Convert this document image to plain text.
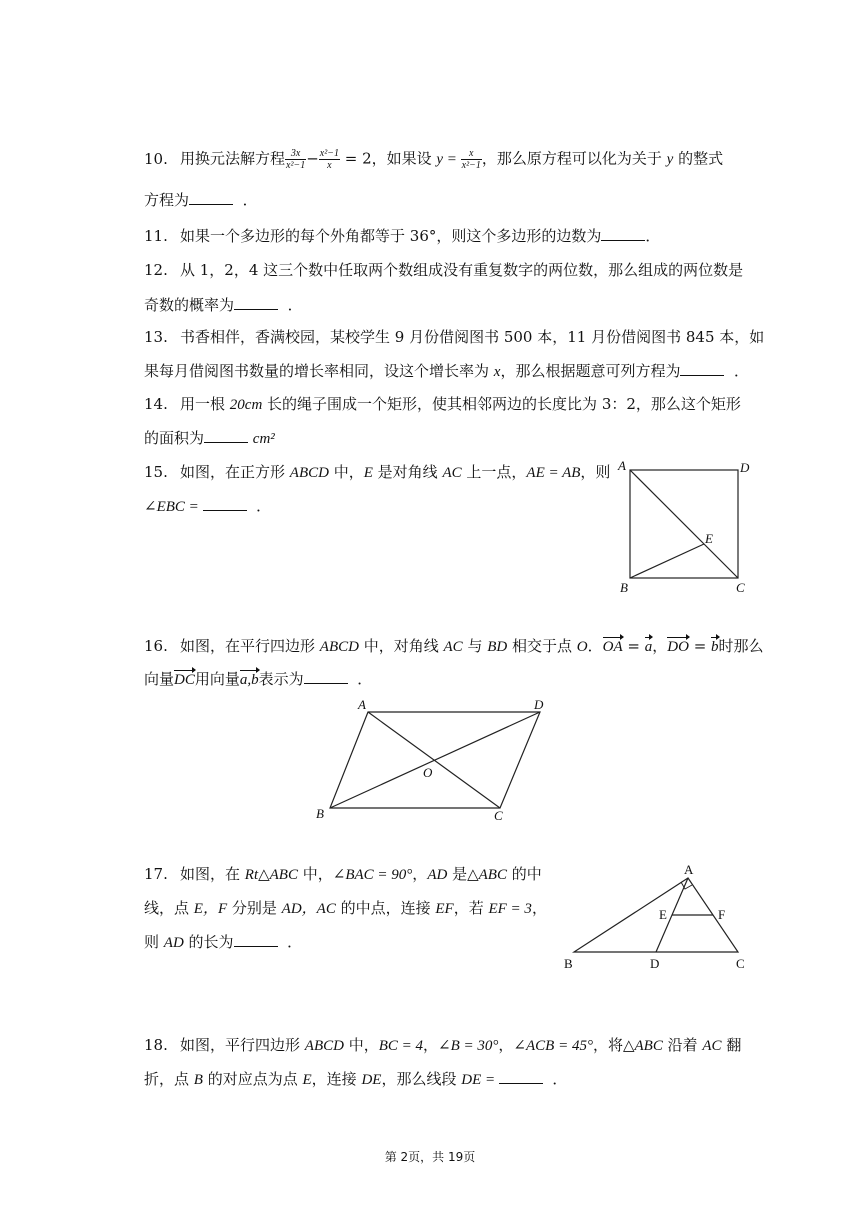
10. 用换元法解方程 $\frac{3x}{\text{x²−1}} - \frac{\text{x²−1}}{x} = 2$，如果设 $y = \frac{x}{\text{x²−1}}$ ，那么原方程可以化为关于 y 的整式
方程为	．
11. 如果一个多边形的每个外角都等于 36°，则这个多边形的边数为	．
12. 从 1，2，4 这三个数中任取两个数组成没有重复数字的两位数，那么组成的两位数是
奇数的概率为	．
13. 书香相伴，香满校园，某校学生 9 月份借阅图书 500 本，11 月份借阅图书 845 本，如
果每月借阅图书数量的增长率相同，设这个增长率为 x，那么根据题意可列方程为	．
14. 用一根 20cm 长的绳子围成一个矩形，使其相邻两边的长度比为 3：2，那么这个矩形
的面积为	cm²
15. 如图，在正方形 ABCD 中，E 是对角线 AC 上一点，AE = AB，则
∠EBC =	．
A	D
B	C
E
16. 如图，在平行四边形 ABCD 中，对角线 AC 与 BD 相交于点 O．OA = a，DO = b时那么
向量DC用向量a,b表示为	．
A	D
B	C
O
17. 如图，在 Rt△ABC 中，∠BAC = 90°，AD 是△ABC 的中
线，点 E，F 分别是 AD，AC 的中点，连接 EF，若 EF = 3，
则 AD 的长为	．
A
B	D	C
E	F
18. 如图，平行四边形 ABCD 中，BC = 4，∠B = 30°，∠ACB = 45°，将△ABC 沿着 AC 翻
折，点 B 的对应点为点 E，连接 DE，那么线段 DE =	．
第 2页，共 19页
